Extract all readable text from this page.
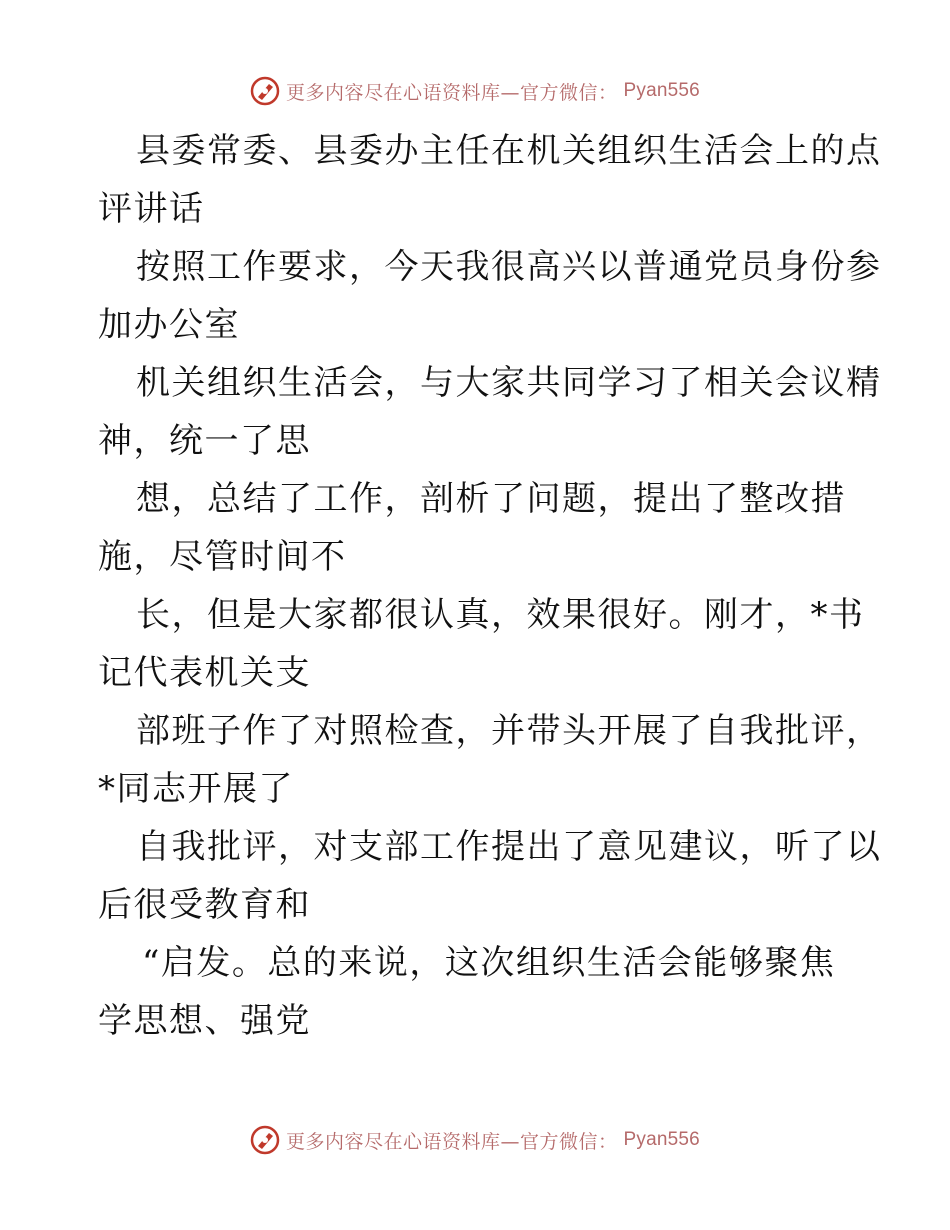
更多内容尽在心语资料库—官方微信： Pyan556
县委常委、县委办主任在机关组织生活会上的点
评讲话
按照工作要求，今天我很高兴以普通党员身份参
加办公室
机关组织生活会，与大家共同学习了相关会议精
神，统一了思
想，总结了工作，剖析了问题，提出了整改措
施，尽管时间不
长，但是大家都很认真，效果很好。刚才，*书
记代表机关支
部班子作了对照检查，并带头开展了自我批评，
*同志开展了
自我批评，对支部工作提出了意见建议，听了以
后很受教育和
“启发。总的来说，这次组织生活会能够聚焦
学思想、强党
更多内容尽在心语资料库—官方微信： Pyan556
